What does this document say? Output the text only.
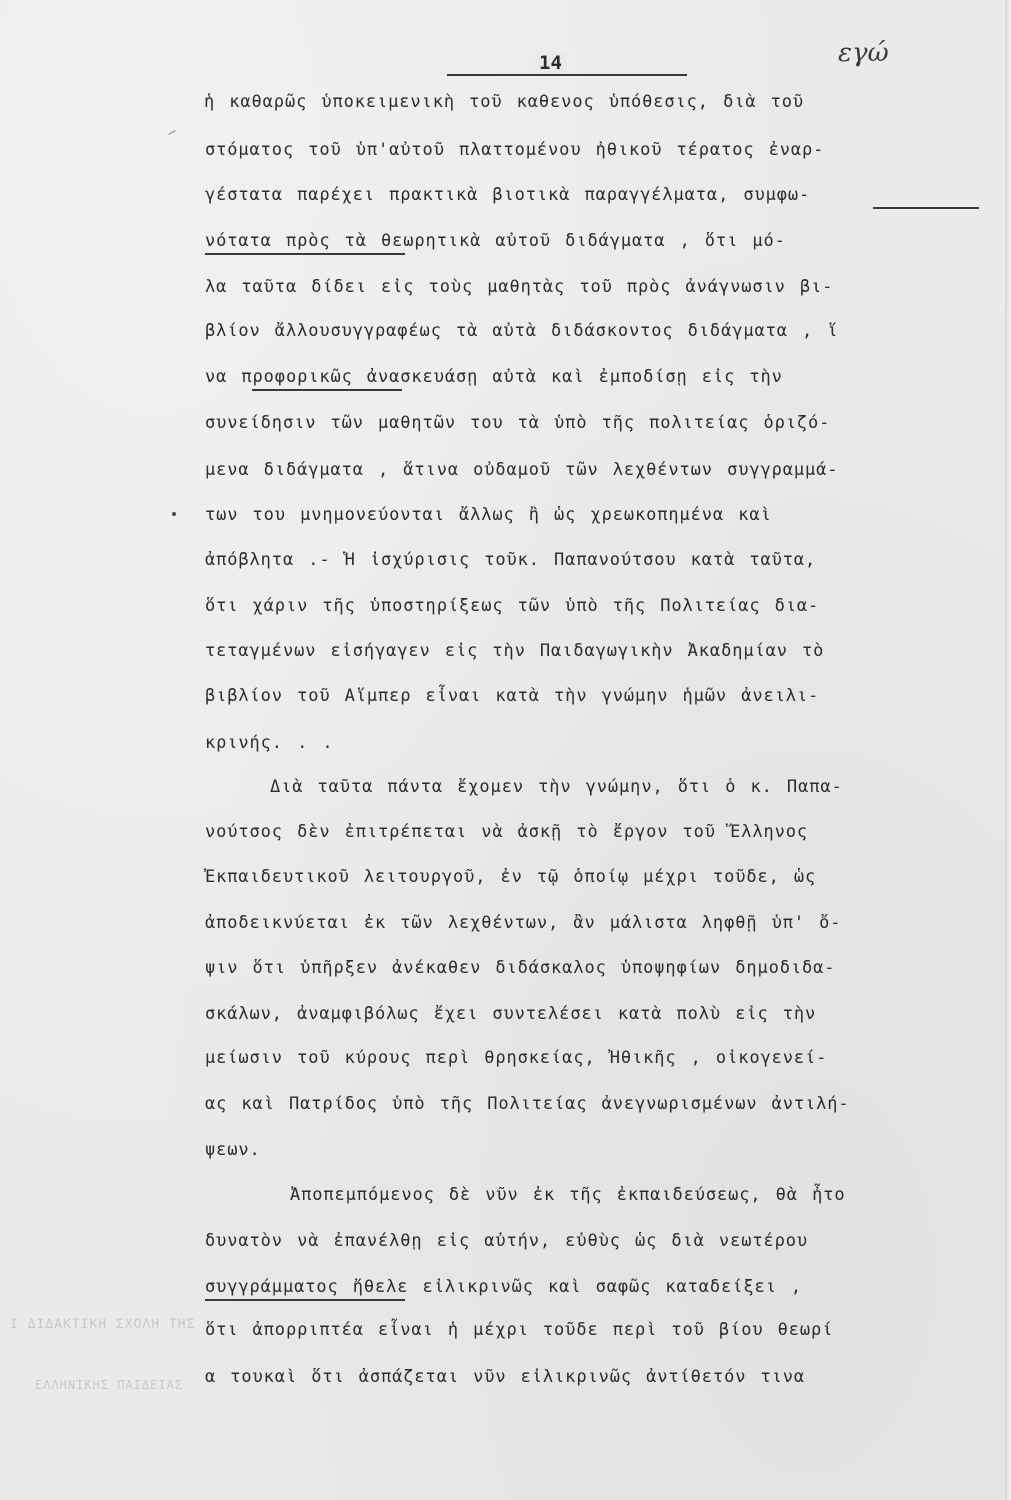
Ι ΔΙΔΑΚΤΙΚΗ ΣΧΟΛΗ ΤΗΣ
ΕΛΛΗΝΙΚΗΣ ΠΑΙΔΕΙΑΣ
14	εγώ
ἡ καθαρῶς ὑποκειμενικὴ τοῦ καθενος ὑπόθεσις, διὰ τοῦ
στόματος τοῦ ὑπ'αὐτοῦ πλαττομένου ἠθικοῦ τέρατος ἐναρ-
γέστατα παρέχει πρακτικὰ βιοτικὰ παραγγέλματα, συμφω-
νότατα πρὸς τὰ θεωρητικὰ αὐτοῦ διδάγματα , ὅτι μό-
λα ταῦτα δίδει εἰς τοὺς μαθητὰς τοῦ πρὸς ἀνάγνωσιν βι-
βλίον ἄλλουσυγγραφέως τὰ αὐτὰ διδάσκοντος διδάγματα , ἵ
να προφορικῶς ἀνασκευάσῃ αὐτὰ καὶ ἐμποδίσῃ εἰς τὴν
συνείδησιν τῶν μαθητῶν του τὰ ὑπὸ τῆς πολιτείας ὁριζό-
μενα διδάγματα , ἅτινα οὐδαμοῦ τῶν λεχθέντων συγγραμμά-
των του μνημονεύονται ἄλλως ἢ ὡς χρεωκοπημένα καὶ
ἀπόβλητα .- Ἡ ἰσχύρισις τοῦκ. Παπανούτσου κατὰ ταῦτα,
ὅτι χάριν τῆς ὑποστηρίξεως τῶν ὑπὸ τῆς Πολιτείας δια-
τεταγμένων εἰσήγαγεν εἰς τὴν Παιδαγωγικὴν Ἀκαδημίαν τὸ
βιβλίον τοῦ Αἵμπερ εἶναι κατὰ τὴν γνώμην ἡμῶν ἀνειλι-
κρινής. . .
Διὰ ταῦτα πάντα ἔχομεν τὴν γνώμην, ὅτι ὁ κ. Παπα-
νούτσος δὲν ἐπιτρέπεται νὰ ἀσκῇ τὸ ἔργον τοῦ Ἕλληνος
Ἐκπαιδευτικοῦ λειτουργοῦ, ἐν τῷ ὁποίῳ μέχρι τοῦδε, ὡς
ἀποδεικνύεται ἐκ τῶν λεχθέντων, ἂν μάλιστα ληφθῇ ὑπ' ὄ-
ψιν ὅτι ὑπῆρξεν ἀνέκαθεν διδάσκαλος ὑποψηφίων δημοδιδα-
σκάλων, ἀναμφιβόλως ἔχει συντελέσει κατὰ πολὺ εἰς τὴν
μείωσιν τοῦ κύρους περὶ θρησκείας, Ἠθικῆς , οἰκογενεί-
ας καὶ Πατρίδος ὑπὸ τῆς Πολιτείας ἀνεγνωρισμένων ἀντιλή-
ψεων.
Ἀποπεμπόμενος δὲ νῦν ἐκ τῆς ἐκπαιδεύσεως, θὰ ἦτο
δυνατὸν νὰ ἐπανέλθῃ εἰς αὐτήν, εὐθὺς ὡς διὰ νεωτέρου
συγγράμματος ἤθελε εἰλικρινῶς καὶ σαφῶς καταδείξει ,
ὅτι ἀπορριπτέα εἶναι ἡ μέχρι τοῦδε περὶ τοῦ βίου θεωρί
α τουκαὶ ὅτι ἀσπάζεται νῦν εἰλικρινῶς ἀντίθετόν τινα
